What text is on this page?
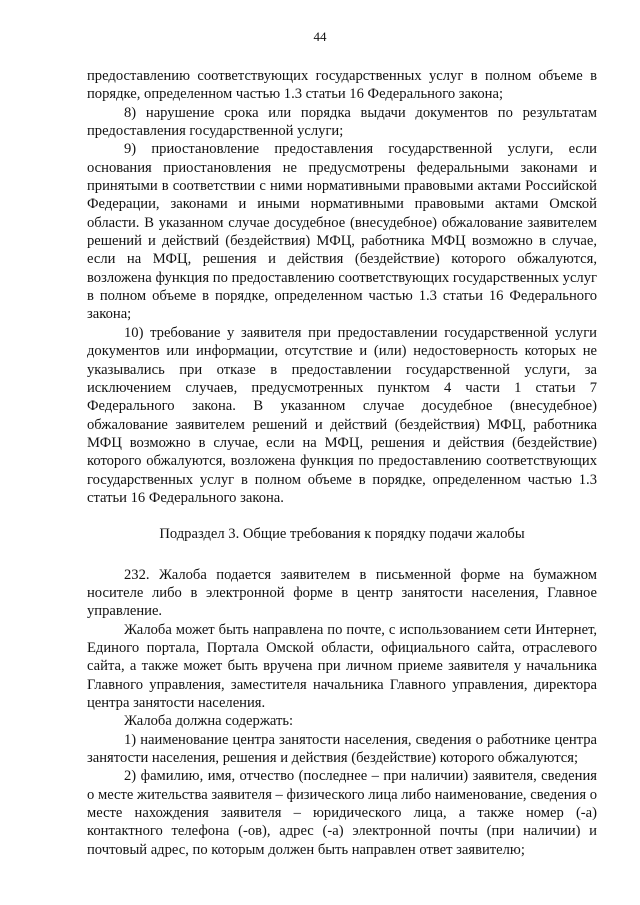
44

предоставлению соответствующих государственных услуг в полном объеме в порядке, определенном частью 1.3 статьи 16 Федерального закона;

8) нарушение срока или порядка выдачи документов по результатам предоставления государственной услуги;

9) приостановление предоставления государственной услуги, если основания приостановления не предусмотрены федеральными законами и принятыми в соответствии с ними нормативными правовыми актами Российской Федерации, законами и иными нормативными правовыми актами Омской области. В указанном случае досудебное (внесудебное) обжалование заявителем решений и действий (бездействия) МФЦ, работника МФЦ возможно в случае, если на МФЦ, решения и действия (бездействие) которого обжалуются, возложена функция по предоставлению соответствующих государственных услуг в полном объеме в порядке, определенном частью 1.3 статьи 16 Федерального закона;

10) требование у заявителя при предоставлении государственной услуги документов или информации, отсутствие и (или) недостоверность которых не указывались при отказе в предоставлении государственной услуги, за исключением случаев, предусмотренных пунктом 4 части 1 статьи 7 Федерального закона. В указанном случае досудебное (внесудебное) обжалование заявителем решений и действий (бездействия) МФЦ, работника МФЦ возможно в случае, если на МФЦ, решения и действия (бездействие) которого обжалуются, возложена функция по предоставлению соответствующих государственных услуг в полном объеме в порядке, определенном частью 1.3 статьи 16 Федерального закона.

Подраздел 3. Общие требования к порядку подачи жалобы

232. Жалоба подается заявителем в письменной форме на бумажном носителе либо в электронной форме в центр занятости населения, Главное управление.

Жалоба может быть направлена по почте, с использованием сети Интернет, Единого портала, Портала Омской области, официального сайта, отраслевого сайта, а также может быть вручена при личном приеме заявителя у начальника Главного управления, заместителя начальника Главного управления, директора центра занятости населения.

Жалоба должна содержать:

1) наименование центра занятости населения, сведения о работнике центра занятости населения, решения и действия (бездействие) которого обжалуются;

2) фамилию, имя, отчество (последнее – при наличии) заявителя, сведения о месте жительства заявителя – физического лица либо наименование, сведения о месте нахождения заявителя – юридического лица, а также номер (-а) контактного телефона (-ов), адрес (-а) электронной почты (при наличии) и почтовый адрес, по которым должен быть направлен ответ заявителю;
